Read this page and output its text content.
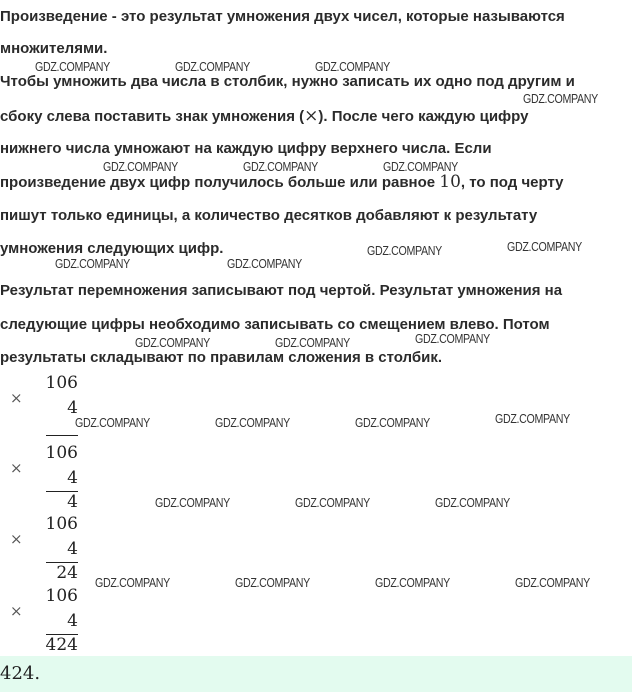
Произведение - это результат умножения двух чисел, которые называются
множителями.
Чтобы умножить два числа в столбик, нужно записать их одно под другим и
сбоку слева поставить знак умножения (×). После чего каждую цифру
нижнего числа умножают на каждую цифру верхнего числа. Если
произведение двух цифр получилось больше или равное 10, то под черту
пишут только единицы, а количество десятков добавляют к результату
умножения следующих цифр.
Результат перемножения записывают под чертой. Результат умножения на
следующие цифры необходимо записывать со смещением влево. Потом
результаты складывают по правилам сложения в столбик.
×
106
4
×
106
4
4
×
106
4
24
×
106
4
424
424.
GDZ.COMPANY	GDZ.COMPANY	GDZ.COMPANY
GDZ.COMPANY
GDZ.COMPANY	GDZ.COMPANY	GDZ.COMPANY
GDZ.COMPANY	GDZ.COMPANY
GDZ.COMPANY	GDZ.COMPANY
GDZ.COMPANY	GDZ.COMPANY	GDZ.COMPANY
GDZ.COMPANY	GDZ.COMPANY	GDZ.COMPANY	GDZ.COMPANY
GDZ.COMPANY	GDZ.COMPANY	GDZ.COMPANY
GDZ.COMPANY	GDZ.COMPANY	GDZ.COMPANY	GDZ.COMPANY
